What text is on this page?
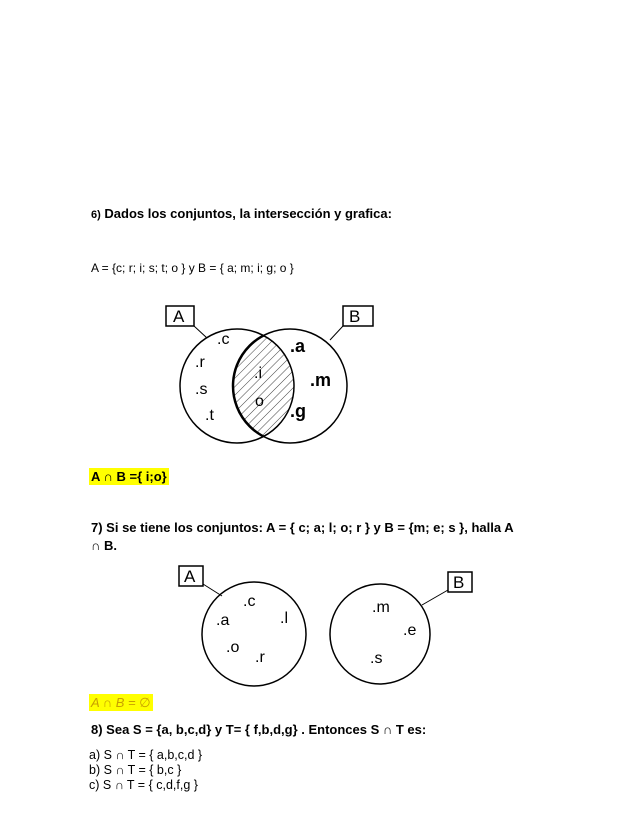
6) Dados los conjuntos, la intersección y grafica:
A = {c; r; i; s; t; o } y B = { a; m; i; g; o }
A	B
.c
.r
.s
.t
.i
o
.a
.m
.g
A ∩ B ={ i;o}
7) Si se tiene los conjuntos: A = { c; a; l; o; r } y B = {m; e; s }, halla A
∩ B.
A	B
.c
.a	.l
.o
.r
.m
.e
.s
A ∩ B = ∅
8) Sea S = {a, b,c,d} y T= { f,b,d,g} . Entonces S ∩ T es:
a) S ∩ T = { a,b,c,d }
b) S ∩ T = { b,c }
c) S ∩ T = { c,d,f,g }
